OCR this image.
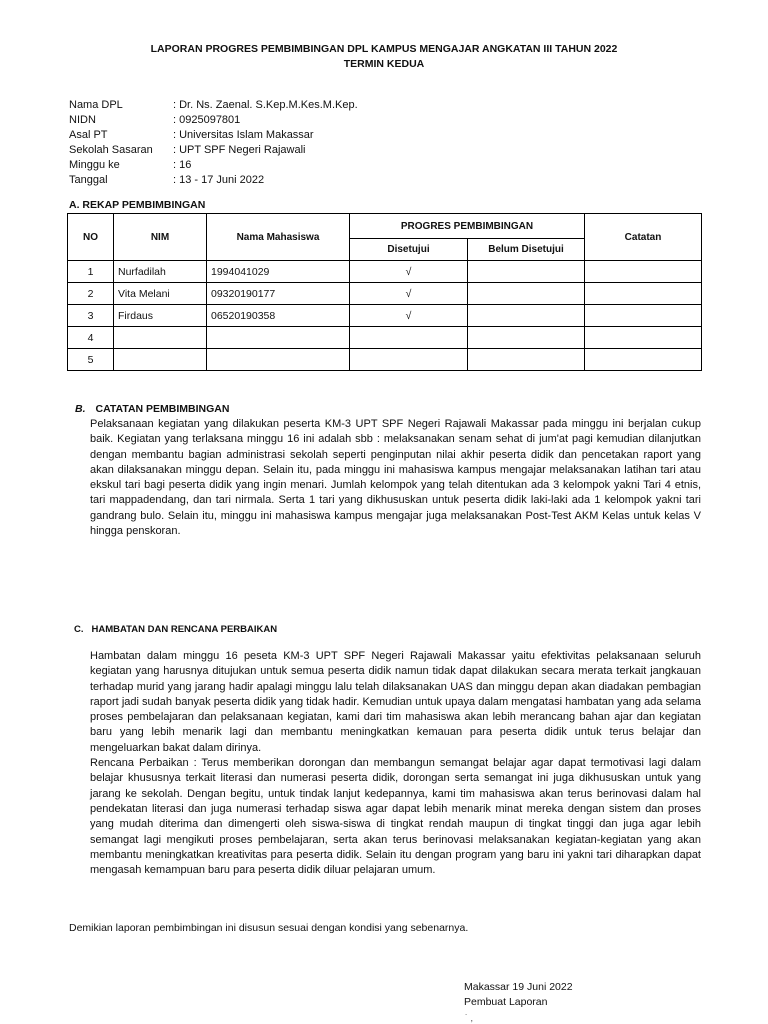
LAPORAN PROGRES PEMBIMBINGAN DPL KAMPUS MENGAJAR ANGKATAN III TAHUN 2022
TERMIN KEDUA
Nama DPL	: Dr. Ns. Zaenal. S.Kep.M.Kes.M.Kep.
NIDN	: 0925097801
Asal PT	: Universitas Islam Makassar
Sekolah Sasaran : UPT SPF Negeri Rajawali
Minggu ke	: 16
Tanggal	: 13 - 17 Juni 2022
A. REKAP PEMBIMBINGAN
NO	NIM	Nama Mahasiswa	PROGRES PEMBIMBINGAN		Catatan
			Disetujui	Belum Disetujui	
1	Nurfadilah	1994041029	√		
2	Vita Melani	09320190177	√		
3	Firdaus	06520190358	√		
4					
5					
B. CATATAN PEMBIMBINGAN

Pelaksanaan kegiatan yang dilakukan peserta KM-3 UPT SPF Negeri Rajawali Makassar pada minggu ini berjalan cukup baik. Kegiatan yang terlaksana minggu 16 ini adalah sbb : melaksanakan senam sehat di jum'at pagi kemudian dilanjutkan dengan membantu bagian administrasi sekolah seperti penginputan nilai akhir peserta didik dan pencetakan raport yang akan dilaksanakan minggu depan. Selain itu, pada minggu ini mahasiswa kampus mengajar melaksanakan latihan tari atau ekskul tari bagi peserta didik yang ingin menari. Jumlah kelompok yang telah ditentukan ada 3 kelompok yakni Tari 4 etnis, tari mappadendang, dan tari nirmala. Serta 1 tari yang dikhususkan untuk peserta didik laki-laki ada 1 kelompok yakni tari gandrang bulo. Selain itu, minggu ini mahasiswa kampus mengajar juga melaksanakan Post-Test AKM Kelas untuk kelas V hingga penskoran.

C. HAMBATAN DAN RENCANA PERBAIKAN

Hambatan dalam minggu 16 peseta KM-3 UPT SPF Negeri Rajawali Makassar yaitu efektivitas pelaksanaan seluruh kegiatan yang harusnya ditujukan untuk semua peserta didik namun tidak dapat dilakukan secara merata terkait jangkauan terhadap murid yang jarang hadir apalagi minggu lalu telah dilaksanakan UAS dan minggu depan akan diadakan pembagian raport jadi sudah banyak peserta didik yang tidak hadir. Kemudian untuk upaya dalam mengatasi hambatan yang ada selama proses pembelajaran dan pelaksanaan kegiatan, kami dari tim mahasiswa akan lebih merancang bahan ajar dan kegiatan baru yang lebih menarik lagi dan membantu meningkatkan kemauan para peserta didik untuk terus belajar dan mengeluarkan bakat dalam dirinya.

Rencana Perbaikan : Terus memberikan dorongan dan membangun semangat belajar agar dapat termotivasi lagi dalam belajar khususnya terkait literasi dan numerasi peserta didik, dorongan serta semangat ini juga dikhususkan untuk yang jarang ke sekolah. Dengan begitu, untuk tindak lanjut kedepannya, kami tim mahasiswa akan terus berinovasi dalam hal pendekatan literasi dan juga numerasi terhadap siswa agar dapat lebih menarik minat mereka dengan sistem dan proses yang mudah diterima dan dimengerti oleh siswa-siswa di tingkat rendah maupun di tingkat tinggi dan juga agar lebih semangat lagi mengikuti proses pembelajaran, serta akan terus berinovasi melaksanakan kegiatan-kegiatan yang akan membantu meningkatkan kreativitas para peserta didik. Selain itu dengan program yang baru ini yakni tari diharapkan dapat mengasah kemampuan baru para peserta didik diluar pelajaran umum.

Demikian laporan pembimbingan ini disusun sesuai dengan kondisi yang sebenarnya.
Makassar 19 Juni 2022
Pembuat Laporan
˙ ,
